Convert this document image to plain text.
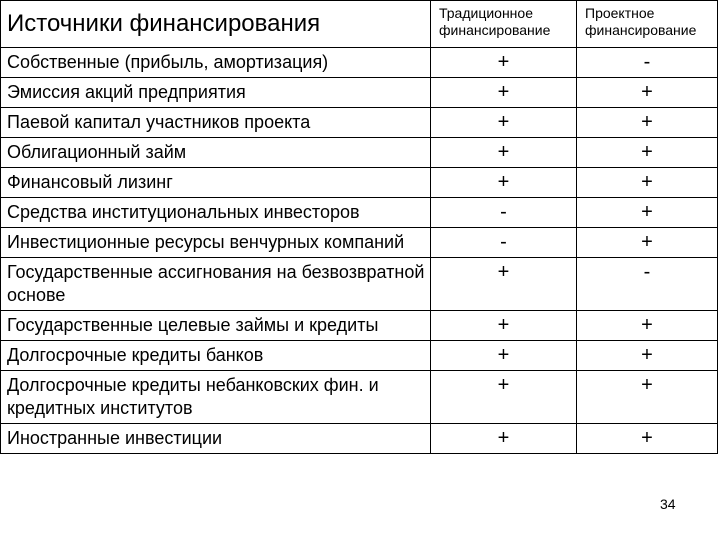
Источники финансирования	Традиционное финансирование	Проектное финансирование
Собственные (прибыль, амортизация)	+	-
Эмиссия акций предприятия	+	+
Паевой капитал участников проекта	+	+
Облигационный займ	+	+
Финансовый лизинг	+	+
Средства институциональных инвесторов	-	+
Инвестиционные ресурсы венчурных компаний	-	+
Государственные ассигнования на безвозвратной основе	+	-
Государственные целевые займы и кредиты	+	+
Долгосрочные кредиты банков	+	+
Долгосрочные кредиты небанковских фин. и кредитных институтов	+	+
Иностранные инвестиции	+	+
34
